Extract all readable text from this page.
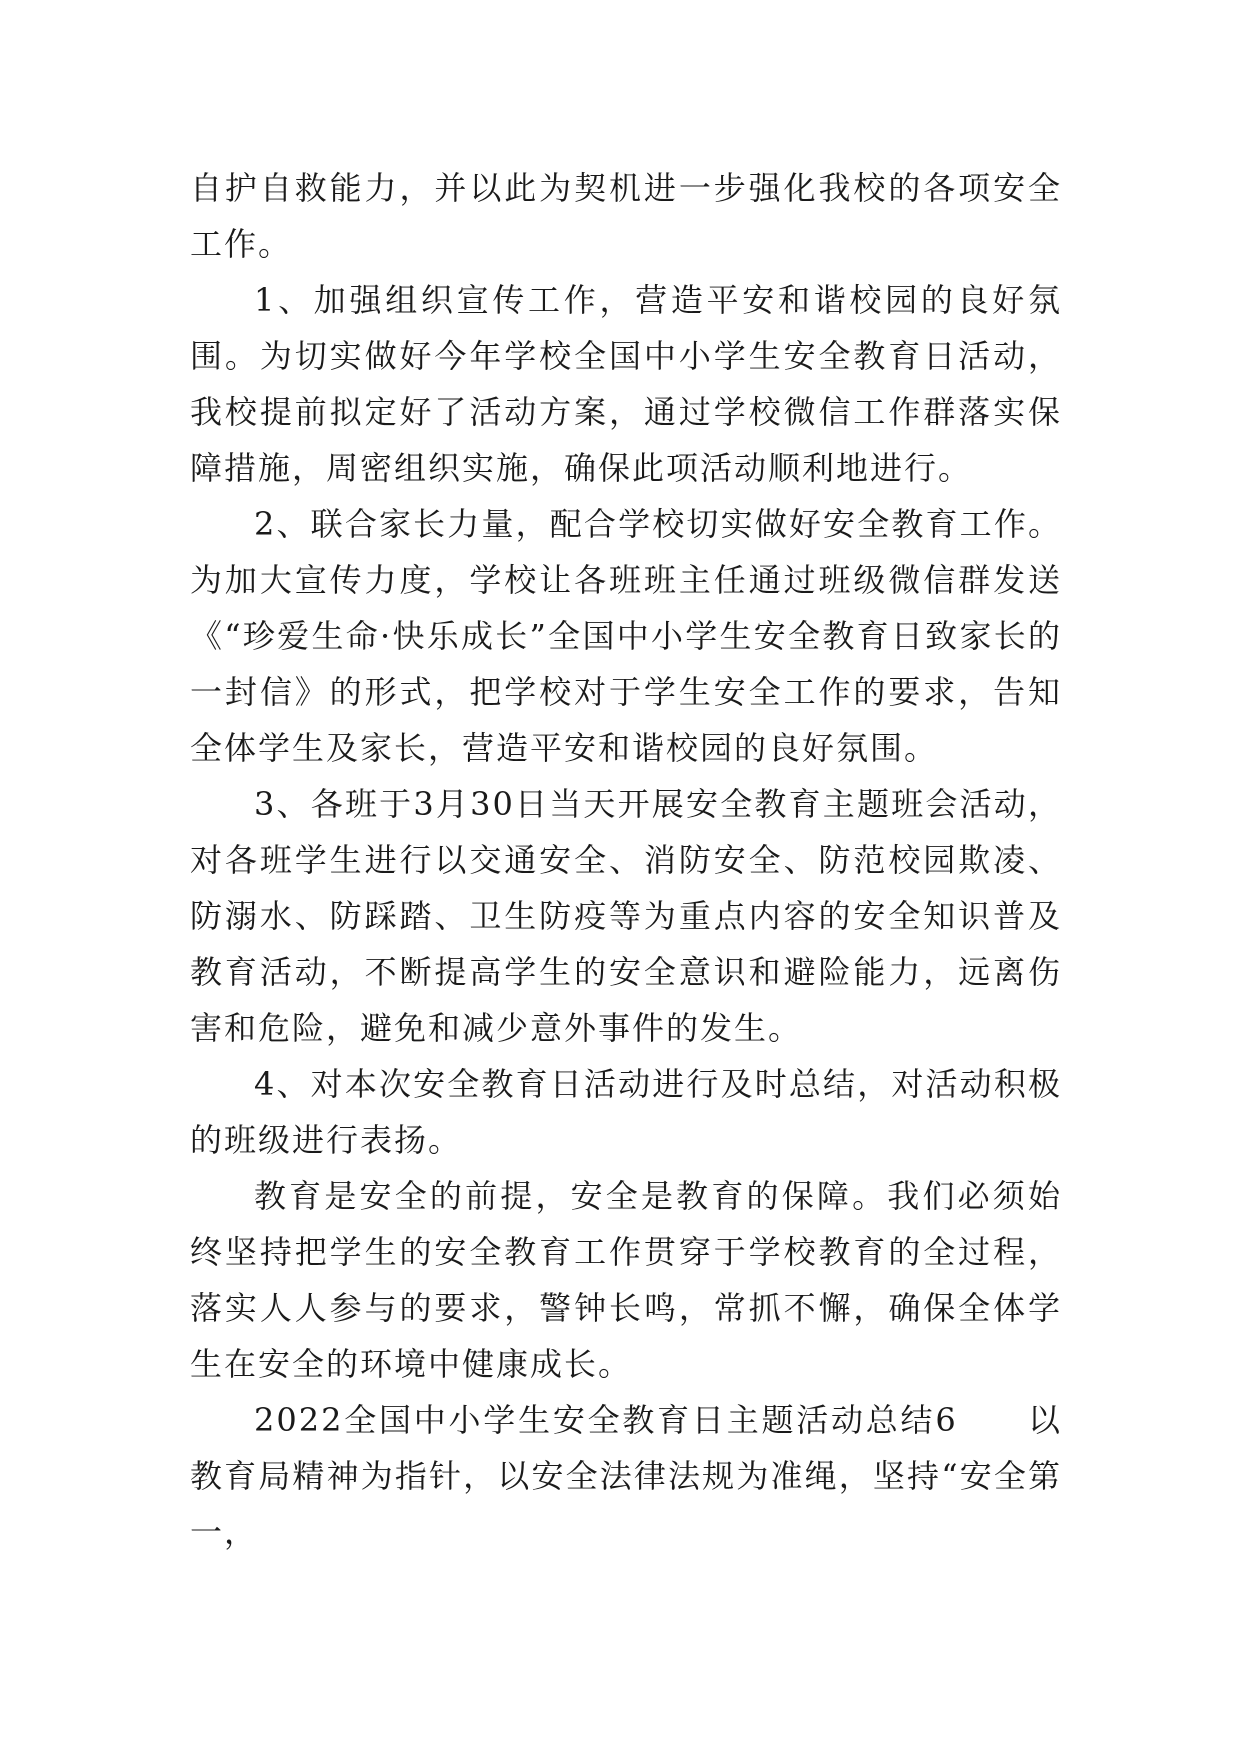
自护自救能力，并以此为契机进一步强化我校的各项安全工作。

1、加强组织宣传工作，营造平安和谐校园的良好氛围。为切实做好今年学校全国中小学生安全教育日活动，我校提前拟定好了活动方案，通过学校微信工作群落实保障措施，周密组织实施，确保此项活动顺利地进行。

2、联合家长力量，配合学校切实做好安全教育工作。为加大宣传力度，学校让各班班主任通过班级微信群发送《“珍爱生命·快乐成长”全国中小学生安全教育日致家长的一封信》的形式，把学校对于学生安全工作的要求，告知全体学生及家长，营造平安和谐校园的良好氛围。

3、各班于3月30日当天开展安全教育主题班会活动，对各班学生进行以交通安全、消防安全、防范校园欺凌、防溺水、防踩踏、卫生防疫等为重点内容的安全知识普及教育活动，不断提高学生的安全意识和避险能力，远离伤害和危险，避免和减少意外事件的发生。

4、对本次安全教育日活动进行及时总结，对活动积极的班级进行表扬。

教育是安全的前提，安全是教育的保障。我们必须始终坚持把学生的安全教育工作贯穿于学校教育的全过程，落实人人参与的要求，警钟长鸣，常抓不懈，确保全体学生在安全的环境中健康成长。

2022全国中小学生安全教育日主题活动总结6　　以教育局精神为指针，以安全法律法规为准绳，坚持“安全第一，
